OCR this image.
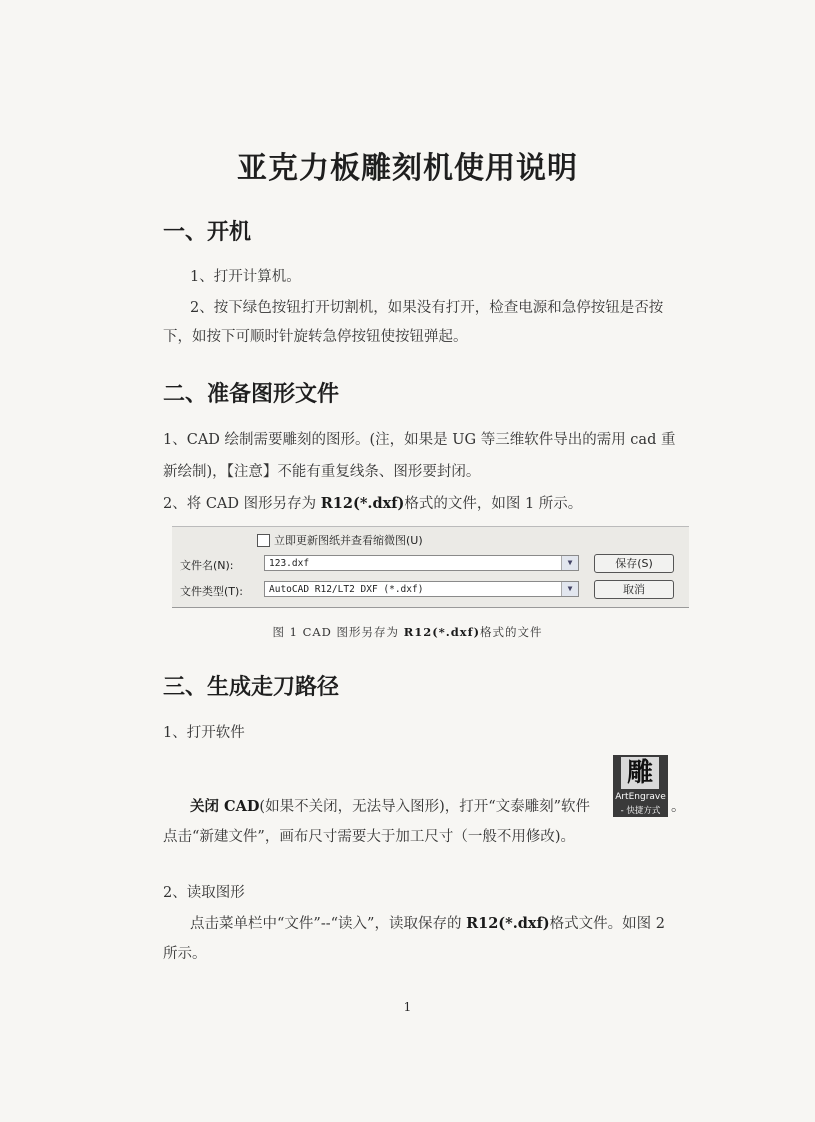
亚克力板雕刻机使用说明
一、开机
1、打开计算机。
2、按下绿色按钮打开切割机，如果没有打开，检查电源和急停按钮是否按
下，如按下可顺时针旋转急停按钮使按钮弹起。
二、准备图形文件
1、CAD 绘制需要雕刻的图形。(注，如果是 UG 等三维软件导出的需用 cad 重
新绘制)，【注意】不能有重复线条、图形要封闭。
2、将 CAD 图形另存为 R12(*.dxf)格式的文件，如图 1 所示。
立即更新图纸并查看缩微图(U)
文件名(N):	123.dxf	▼	保存(S)
文件类型(T):	AutoCAD R12/LT2 DXF (*.dxf)	▼	取消
图 1 CAD 图形另存为 R12(*.dxf)格式的文件
三、生成走刀路径
1、打开软件
关闭 CAD(如果不关闭，无法导入图形)，打开“文泰雕刻”软件
雕
ArtEngrave
- 快捷方式 。
点击“新建文件”，画布尺寸需要大于加工尺寸（一般不用修改)。
2、读取图形
点击菜单栏中“文件”--“读入”，读取保存的 R12(*.dxf)格式文件。如图 2
所示。
1
